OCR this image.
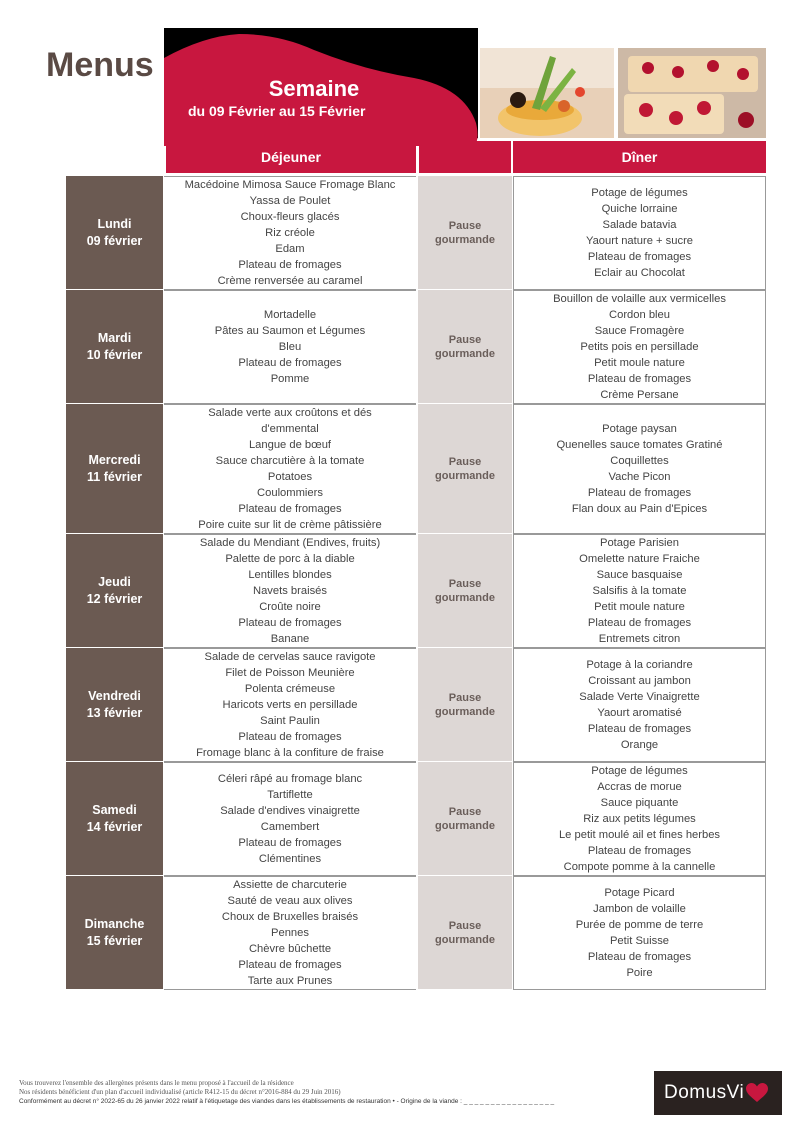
Menus
Semaine
du 09 Février au 15 Février
Déjeuner	Dîner
Lundi
09 février
Macédoine Mimosa Sauce Fromage Blanc
Yassa de Poulet
Choux-fleurs glacés
Riz créole
Edam
Plateau de fromages
Crème renversée au caramel
Pause
gourmande
Potage de légumes
Quiche lorraine
Salade batavia
Yaourt nature + sucre
Plateau de fromages
Eclair au Chocolat
Mardi
10 février
Mortadelle
Pâtes au Saumon et Légumes
Bleu
Plateau de fromages
Pomme
Pause
gourmande
Bouillon de volaille aux vermicelles
Cordon bleu
Sauce Fromagère
Petits pois en persillade
Petit moule nature
Plateau de fromages
Crème Persane
Mercredi
11 février
Salade verte aux croûtons et dés
d'emmental
Langue de bœuf
Sauce charcutière à la tomate
Potatoes
Coulommiers
Plateau de fromages
Poire cuite sur lit de crème pâtissière
Pause
gourmande
Potage paysan
Quenelles sauce tomates Gratiné
Coquillettes
Vache Picon
Plateau de fromages
Flan doux au Pain d'Epices
Jeudi
12 février
Salade du Mendiant (Endives, fruits)
Palette de porc à la diable
Lentilles blondes
Navets braisés
Croûte noire
Plateau de fromages
Banane
Pause
gourmande
Potage Parisien
Omelette nature Fraiche
Sauce basquaise
Salsifis à la tomate
Petit moule nature
Plateau de fromages
Entremets citron
Vendredi
13 février
Salade de cervelas sauce ravigote
Filet de Poisson Meunière
Polenta crémeuse
Haricots verts en persillade
Saint Paulin
Plateau de fromages
Fromage blanc à la confiture de fraise
Pause
gourmande
Potage à la coriandre
Croissant au jambon
Salade Verte Vinaigrette
Yaourt aromatisé
Plateau de fromages
Orange
Samedi
14 février
Céleri râpé au fromage blanc
Tartiflette
Salade d'endives vinaigrette
Camembert
Plateau de fromages
Clémentines
Pause
gourmande
Potage de légumes
Accras de morue
Sauce piquante
Riz aux petits légumes
Le petit moulé ail et fines herbes
Plateau de fromages
Compote pomme à la cannelle
Dimanche
15 février
Assiette de charcuterie
Sauté de veau aux olives
Choux de Bruxelles braisés
Pennes
Chèvre bûchette
Plateau de fromages
Tarte aux Prunes
Pause
gourmande
Potage Picard
Jambon de volaille
Purée de pomme de terre
Petit Suisse
Plateau de fromages
Poire
Vous trouverez l'ensemble des allergènes présents dans le menu proposé à l'accueil de la résidence
Nos résidents bénéficient d'un plan d'accueil individualisé (article R412-15 du décret n°2016-884 du 29 Juin 2016)
Conformément au décret n° 2022-65 du 26 janvier 2022 relatif à l'étiquetage des viandes dans les établissements de restauration • - Origine de la viande : _ _ _ _ _ _ _ _ _ _ _ _ _ _ _ _ _	DomusVi
